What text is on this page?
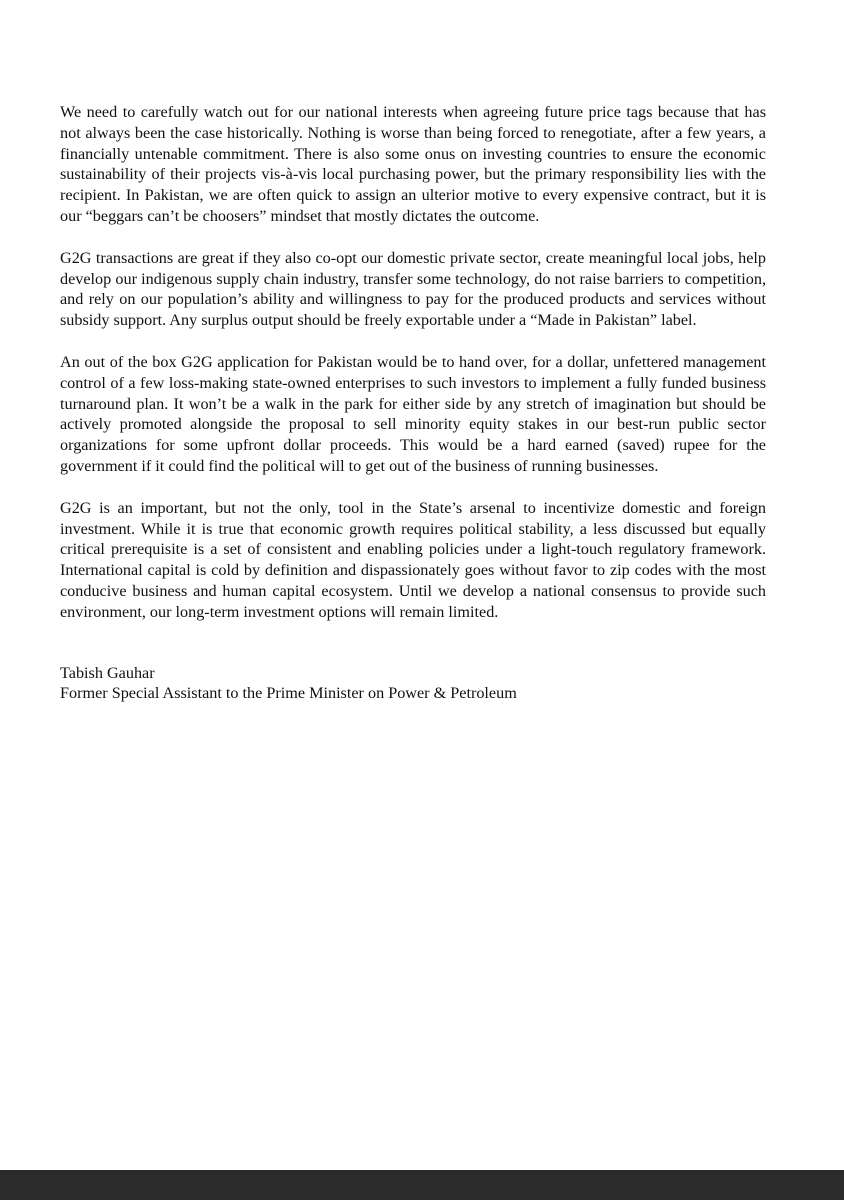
We need to carefully watch out for our national interests when agreeing future price tags because that has not always been the case historically. Nothing is worse than being forced to renegotiate, after a few years, a financially untenable commitment. There is also some onus on investing countries to ensure the economic sustainability of their projects vis-à-vis local purchasing power, but the primary responsibility lies with the recipient. In Pakistan, we are often quick to assign an ulterior motive to every expensive contract, but it is our “beggars can’t be choosers” mindset that mostly dictates the outcome.

G2G transactions are great if they also co-opt our domestic private sector, create meaningful local jobs, help develop our indigenous supply chain industry, transfer some technology, do not raise barriers to competition, and rely on our population’s ability and willingness to pay for the produced products and services without subsidy support. Any surplus output should be freely exportable under a “Made in Pakistan” label.

An out of the box G2G application for Pakistan would be to hand over, for a dollar, unfettered management control of a few loss-making state-owned enterprises to such investors to implement a fully funded business turnaround plan. It won’t be a walk in the park for either side by any stretch of imagination but should be actively promoted alongside the proposal to sell minority equity stakes in our best-run public sector organizations for some upfront dollar proceeds. This would be a hard earned (saved) rupee for the government if it could find the political will to get out of the business of running businesses.

G2G is an important, but not the only, tool in the State’s arsenal to incentivize domestic and foreign investment. While it is true that economic growth requires political stability, a less discussed but equally critical prerequisite is a set of consistent and enabling policies under a light-touch regulatory framework. International capital is cold by definition and dispassionately goes without favor to zip codes with the most conducive business and human capital ecosystem. Until we develop a national consensus to provide such environment, our long-term investment options will remain limited.

Tabish Gauhar
Former Special Assistant to the Prime Minister on Power & Petroleum
